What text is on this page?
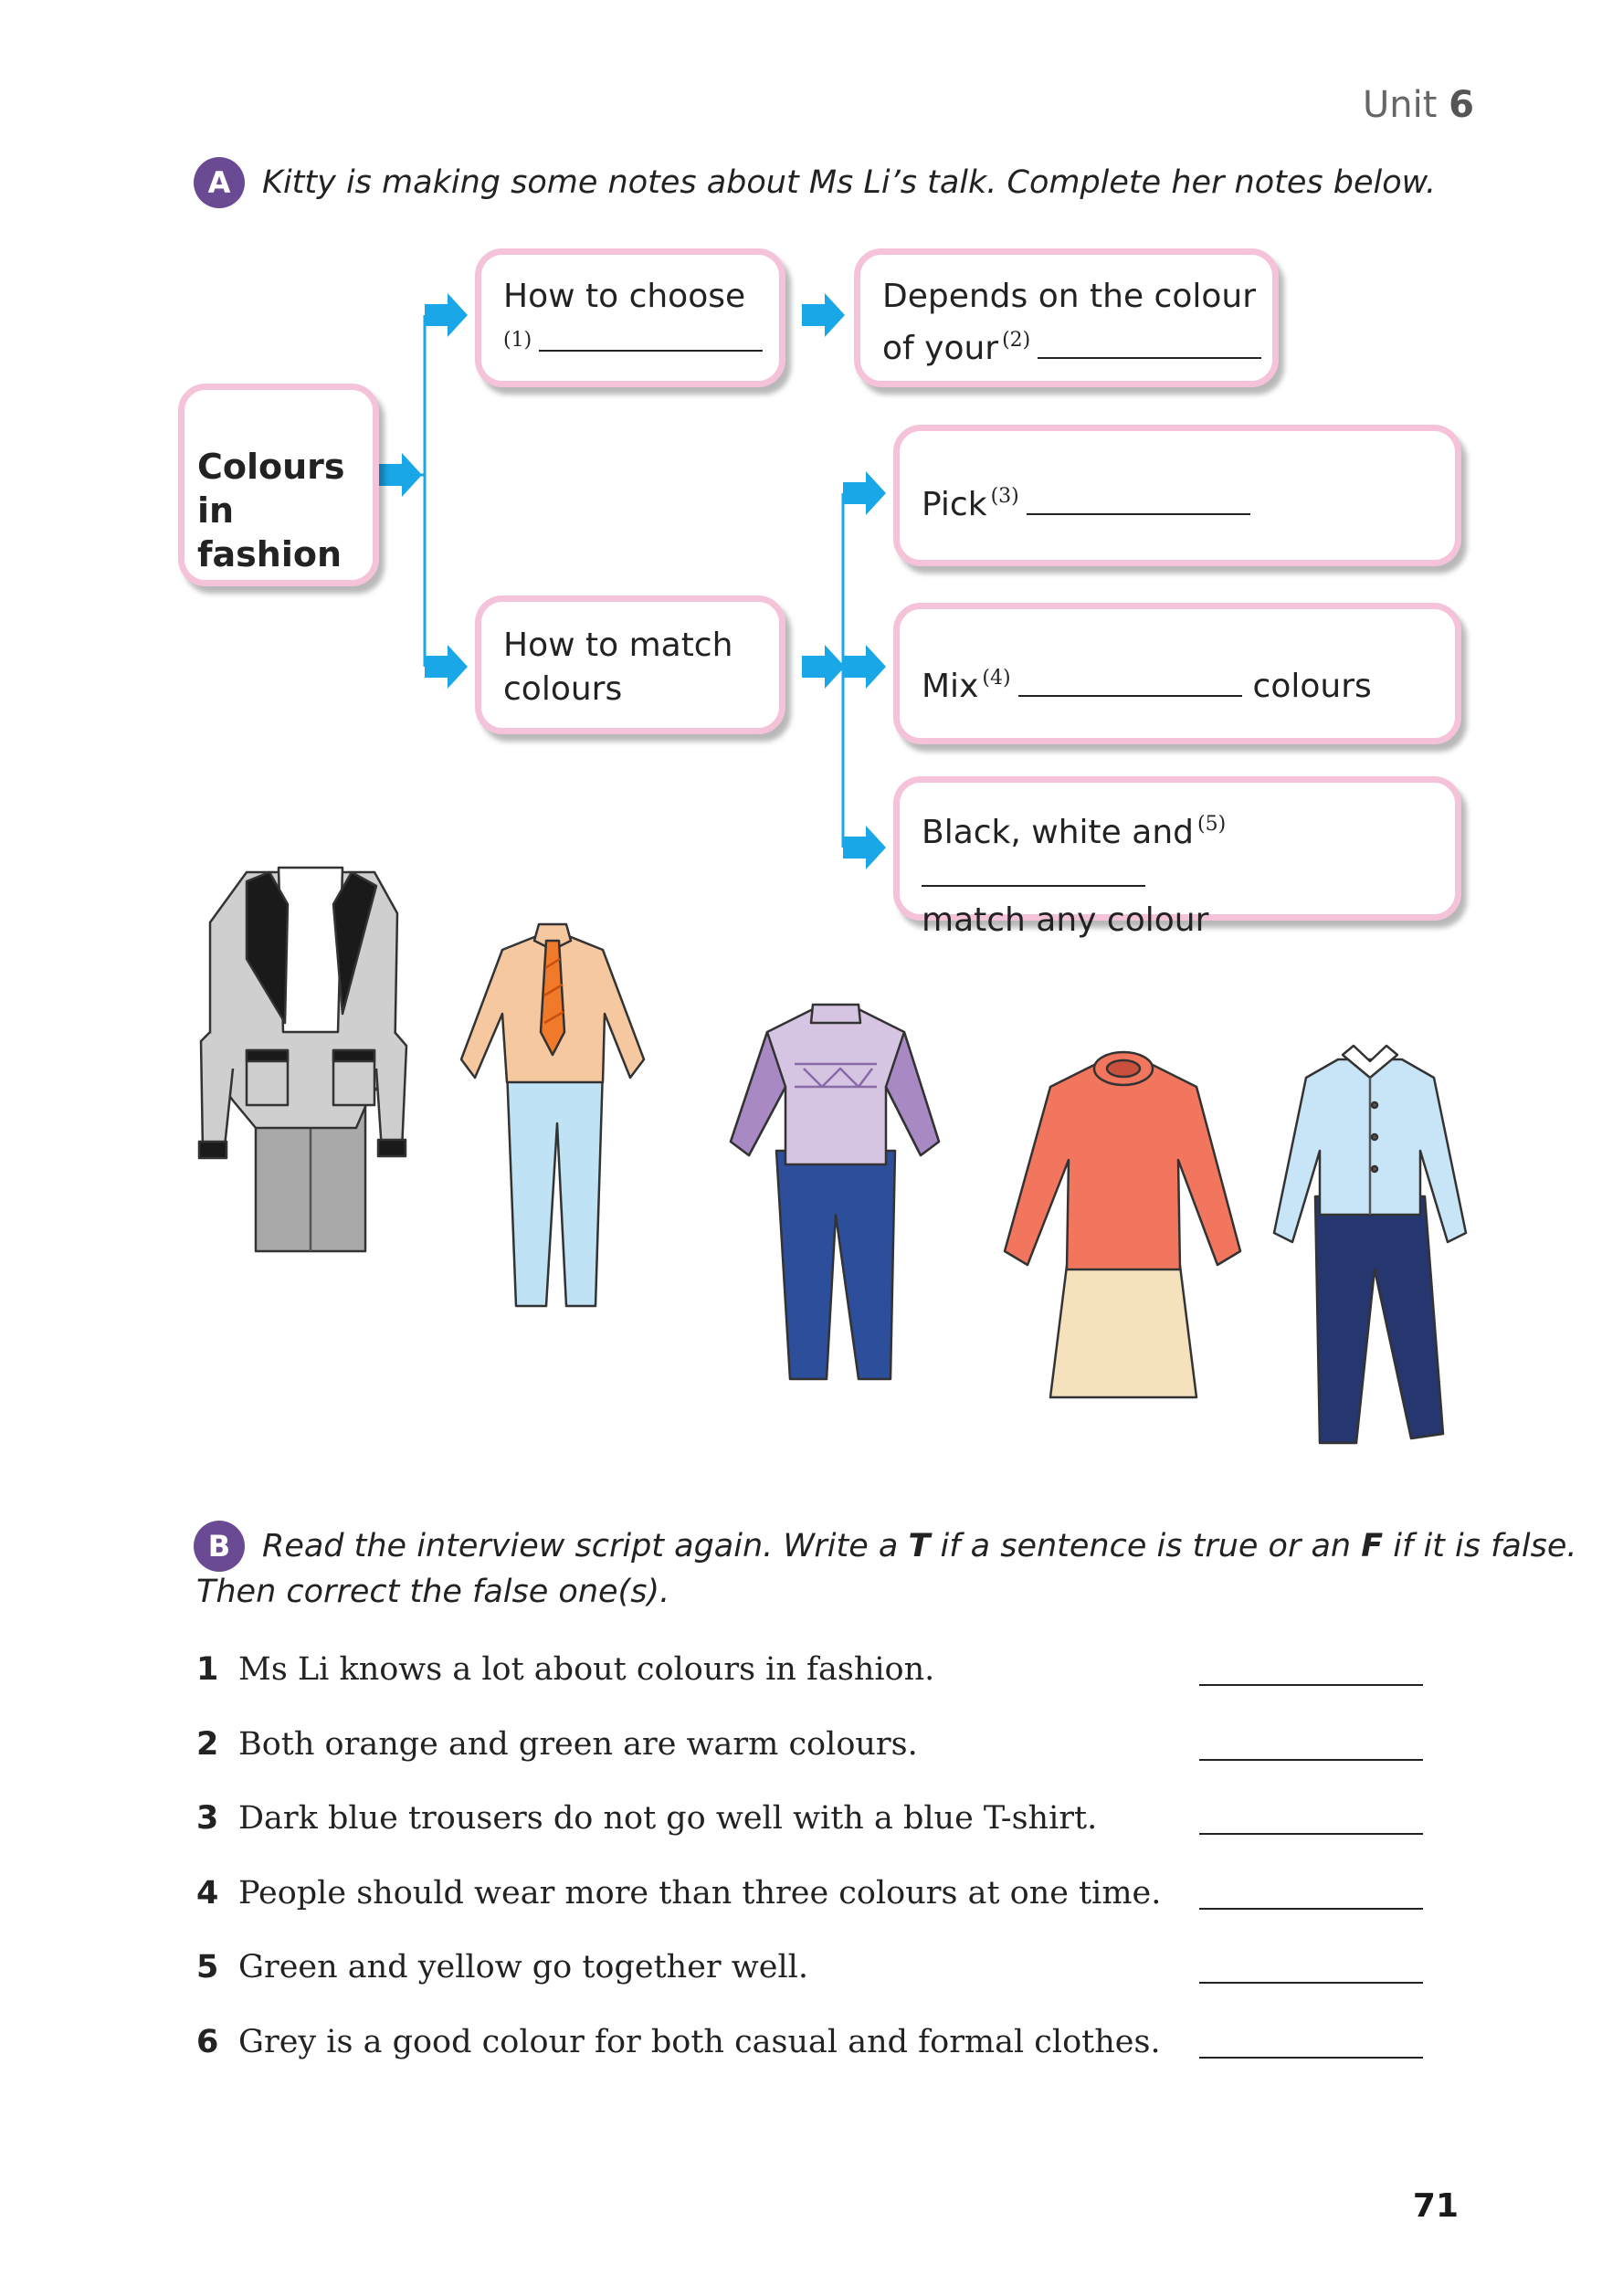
Unit 6
A Kitty is making some notes about Ms Li’s talk. Complete her notes below.
Colours
in fashion
How to choose
$^{(1)}$
Depends on the colour
of your $^{(2)}$
How to match
colours
Pick $^{(3)}$
Mix $^{(4)}$	colours
Black, white and $^{(5)}$
match any colour
B Read the interview script again. Write a T if a sentence is true or an F if it is false.
Then correct the false one(s).
1 Ms Li knows a lot about colours in fashion.
2 Both orange and green are warm colours.
3 Dark blue trousers do not go well with a blue T-shirt.
4 People should wear more than three colours at one time.
5 Green and yellow go together well.
6 Grey is a good colour for both casual and formal clothes.
71
